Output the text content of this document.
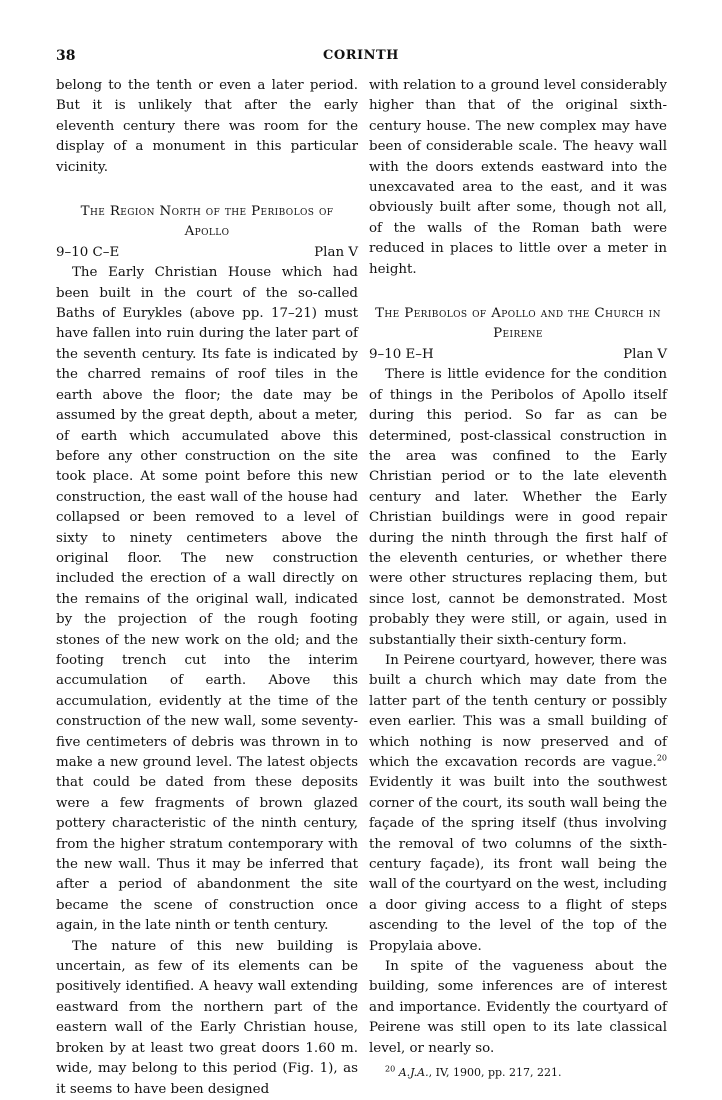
38	CORINTH

belong to the tenth or even a later period. But it is unlikely that after the early eleventh century there was room for the display of a monument in this particular vicinity.

The Region North of the Peribolos of Apollo
9–10 C–E	Plan V

The Early Christian House which had been built in the court of the so-called Baths of Eurykles (above pp. 17–21) must have fallen into ruin during the later part of the seventh century. Its fate is indicated by the charred remains of roof tiles in the earth above the floor; the date may be assumed by the great depth, about a meter, of earth which accumulated above this before any other construction on the site took place. At some point before this new construction, the east wall of the house had collapsed or been removed to a level of sixty to ninety centimeters above the original floor. The new construction included the erection of a wall directly on the remains of the original wall, indicated by the projection of the rough footing stones of the new work on the old; and the footing trench cut into the interim accumulation of earth. Above this accumulation, evidently at the time of the construction of the new wall, some seventy-five centimeters of debris was thrown in to make a new ground level. The latest objects that could be dated from these deposits were a few fragments of brown glazed pottery characteristic of the ninth century, from the higher stratum contemporary with the new wall. Thus it may be inferred that after a period of abandonment the site became the scene of construction once again, in the late ninth or tenth century.

The nature of this new building is uncertain, as few of its elements can be positively identified. A heavy wall extending eastward from the northern part of the eastern wall of the Early Christian house, broken by at least two great doors 1.60 m. wide, may belong to this period (Fig. 1), as it seems to have been designed

with relation to a ground level considerably higher than that of the original sixth-century house. The new complex may have been of considerable scale. The heavy wall with the doors extends eastward into the unexcavated area to the east, and it was obviously built after some, though not all, of the walls of the Roman bath were reduced in places to little over a meter in height.

The Peribolos of Apollo and the Church in Peirene
9–10 E–H	Plan V

There is little evidence for the condition of things in the Peribolos of Apollo itself during this period. So far as can be determined, post-classical construction in the area was confined to the Early Christian period or to the late eleventh century and later. Whether the Early Christian buildings were in good repair during the ninth through the first half of the eleventh centuries, or whether there were other structures replacing them, but since lost, cannot be demonstrated. Most probably they were still, or again, used in substantially their sixth-century form.

In Peirene courtyard, however, there was built a church which may date from the latter part of the tenth century or possibly even earlier. This was a small building of which nothing is now preserved and of which the excavation records are vague.$^{20}$ Evidently it was built into the southwest corner of the court, its south wall being the façade of the spring itself (thus involving the removal of two columns of the sixth-century façade), its front wall being the wall of the courtyard on the west, including a door giving access to a flight of steps ascending to the level of the top of the Propylaia above.

In spite of the vagueness about the building, some inferences are of interest and importance. Evidently the courtyard of Peirene was still open to its late classical level, or nearly so.

$^{20}$ A.J.A., IV, 1900, pp. 217, 221.
